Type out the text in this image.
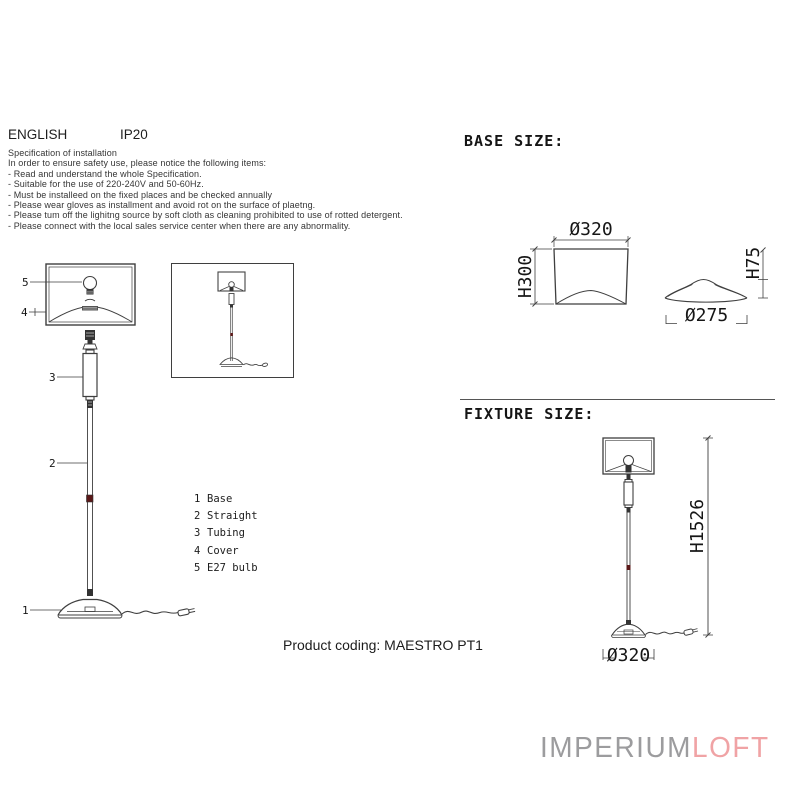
ENGLISH	IP20
Specification of installation
In order to ensure safety use, please notice the following items:
- Read and understand the whole Specification.
- Suitable for the use of 220-240V and 50-60Hz.
- Must be installeed on the fixed places and be checked annually
- Please wear gloves as installment and avoid rot on the surface of plaetng.
- Please tum off the lighitng source by soft cloth as cleaning prohibited to use of rotted detergent.
- Please connect with the local sales service center when there are any abnormality.
5
4
3
2
1
1 Base
2 Straight
3 Tubing
4 Cover
5 E27 bulb
BASE SIZE:
Ø320
H300
Ø275
H75
FIXTURE SIZE:
H1526
Ø320
Product coding: MAESTRO PT1
IMPERIUMLOFT
